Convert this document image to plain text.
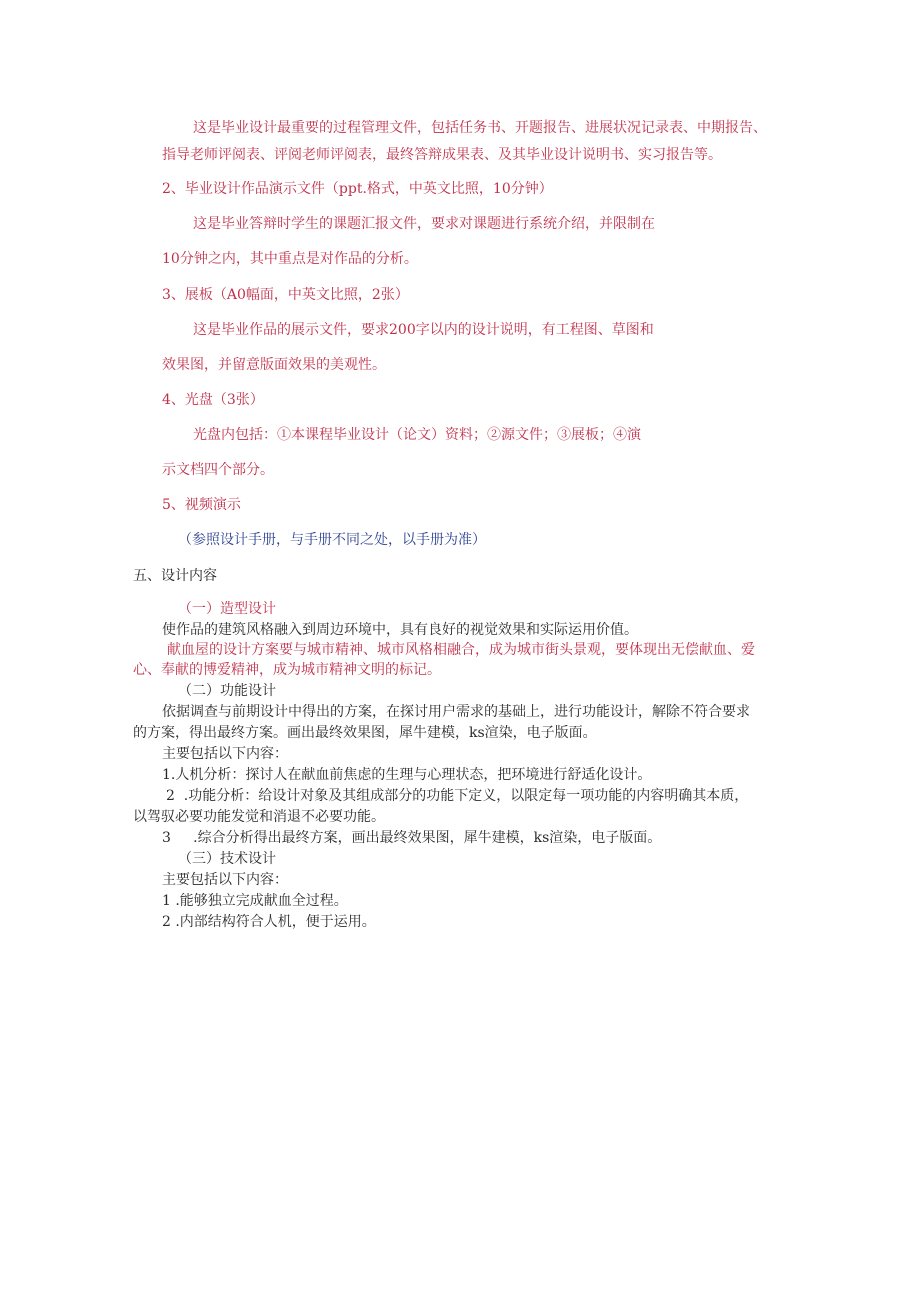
这是毕业设计最重要的过程管理文件，包括任务书、开题报告、进展状况记录表、中期报告、
指导老师评阅表、评阅老师评阅表，最终答辩成果表、及其毕业设计说明书、实习报告等。
2、毕业设计作品演示文件（ppt.格式，中英文比照，10分钟）
这是毕业答辩时学生的课题汇报文件，要求对课题进行系统介绍，并限制在
10分钟之内，其中重点是对作品的分析。
3、展板（A0幅面，中英文比照，2张）
这是毕业作品的展示文件，要求200字以内的设计说明，有工程图、草图和
效果图，并留意版面效果的美观性。
4、光盘（3张）
光盘内包括：①本课程毕业设计（论文）资料；②源文件；③展板；④演
示文档四个部分。
5、视频演示
（参照设计手册，与手册不同之处，以手册为准）
五、设计内容
（一）造型设计
使作品的建筑风格融入到周边环境中，具有良好的视觉效果和实际运用价值。
献血屋的设计方案要与城市精神、城市风格相融合，成为城市街头景观，要体现出无偿献血、爱
心、奉献的博爱精神，成为城市精神文明的标记。
（二）功能设计
依据调查与前期设计中得出的方案，在探讨用户需求的基础上，进行功能设计，解除不符合要求
的方案，得出最终方案。画出最终效果图，犀牛建模，ks渲染，电子版面。
主要包括以下内容：
1.人机分析：探讨人在献血前焦虑的生理与心理状态，把环境进行舒适化设计。
2  .功能分析：给设计对象及其组成部分的功能下定义，以限定每一项功能的内容明确其本质，
以驾驭必要功能发觉和消退不必要功能。
3     .综合分析得出最终方案，画出最终效果图，犀牛建模，ks渲染，电子版面。
（三）技术设计
主要包括以下内容：
1 .能够独立完成献血全过程。
2 .内部结构符合人机，便于运用。
